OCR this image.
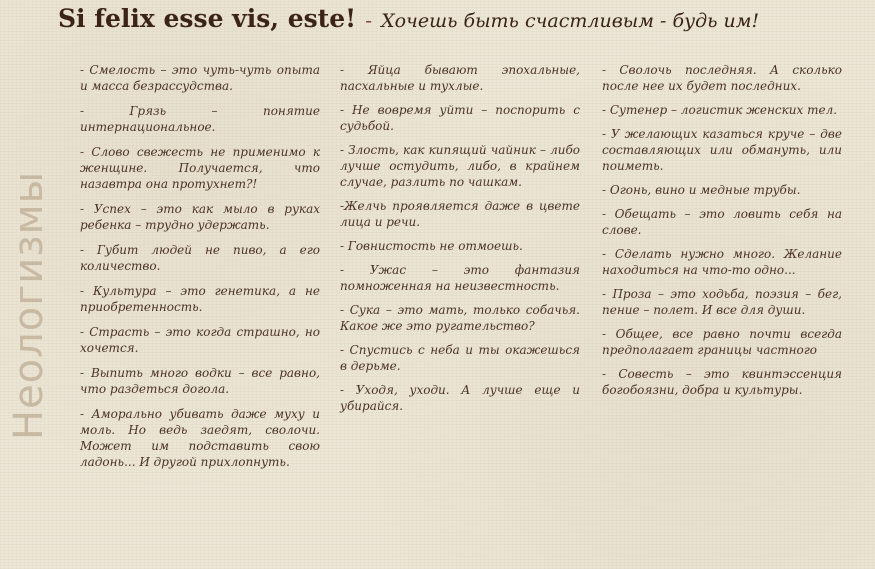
Si felix esse vis, este! - Хочешь быть счастливым - будь им!
Неологизмы

- Смелость – это чуть-чуть опыта и масса безрассудства.

- Грязь – понятие интернациональное.

- Слово свежесть не применимо к женщине. Получается, что назавтра она протухнет?!

- Успех – это как мыло в руках ребенка – трудно удержать.

- Губит людей не пиво, а его количество.

- Культура – это генетика, а не приобретенность.

- Страсть – это когда страшно, но хочется.

- Выпить много водки – все равно, что раздеться догола.

- Аморально убивать даже муху и моль. Но ведь заедят, сволочи. Может им подставить свою ладонь... И другой прихлопнуть.

- Яйца бывают эпохальные, пасхальные и тухлые.

- Не вовремя уйти – поспорить с судьбой.

- Злость, как кипящий чайник – либо лучше остудить, либо, в крайнем случае, разлить по чашкам.

-Желчь проявляется даже в цвете лица и речи.

- Говнистость не отмоешь.

- Ужас – это фантазия помноженная на неизвестность.

- Сука – это мать, только собачья. Какое же это ругательство?

- Спустись с неба и ты окажешься в дерьме.

- Уходя, уходи. А лучше еще и убирайся.

- Сволочь последняя. А сколько после нее их будет последних.

- Сутенер – логистик женских тел.

- У желающих казаться круче – две составляющих или обмануть, или поиметь.

- Огонь, вино и медные трубы.

- Обещать – это ловить себя на слове.

- Сделать нужно много. Желание находиться на что-то одно...

- Проза – это ходьба, поэзия – бег, пение – полет. И все для души.

- Общее, все равно почти всегда предполагает границы частного

- Совесть – это квинтэссенция богобоязни, добра и культуры.
